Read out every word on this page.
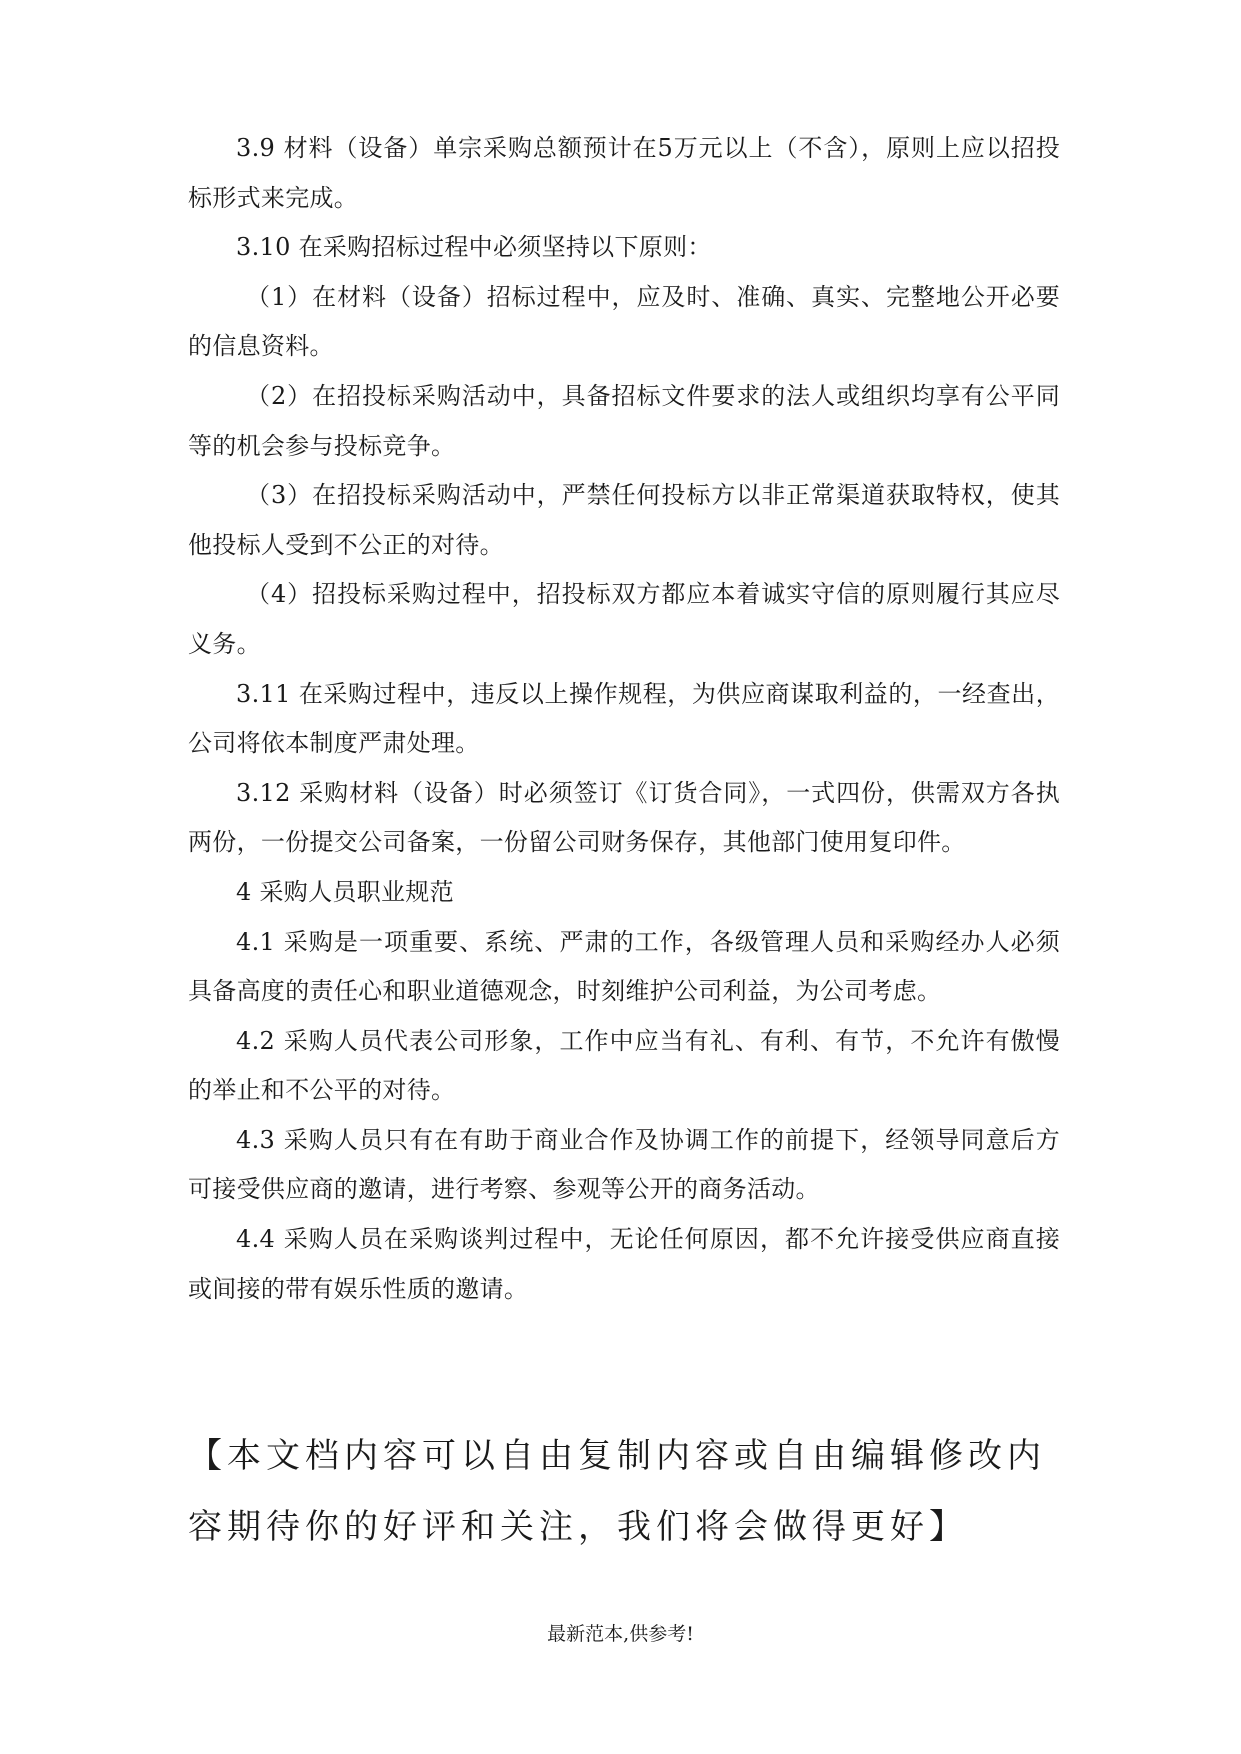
3.9 材料（设备）单宗采购总额预计在5万元以上（不含），原则上应以招投标形式来完成。

3.10 在采购招标过程中必须坚持以下原则：

（1）在材料（设备）招标过程中，应及时、准确、真实、完整地公开必要的信息资料。

（2）在招投标采购活动中，具备招标文件要求的法人或组织均享有公平同等的机会参与投标竞争。

（3）在招投标采购活动中，严禁任何投标方以非正常渠道获取特权，使其他投标人受到不公正的对待。

（4）招投标采购过程中，招投标双方都应本着诚实守信的原则履行其应尽义务。

3.11 在采购过程中，违反以上操作规程，为供应商谋取利益的，一经查出，公司将依本制度严肃处理。

3.12 采购材料（设备）时必须签订《订货合同》，一式四份，供需双方各执两份，一份提交公司备案，一份留公司财务保存，其他部门使用复印件。

4 采购人员职业规范

4.1 采购是一项重要、系统、严肃的工作，各级管理人员和采购经办人必须具备高度的责任心和职业道德观念，时刻维护公司利益，为公司考虑。

4.2 采购人员代表公司形象，工作中应当有礼、有利、有节，不允许有傲慢的举止和不公平的对待。

4.3 采购人员只有在有助于商业合作及协调工作的前提下，经领导同意后方可接受供应商的邀请，进行考察、参观等公开的商务活动。

4.4 采购人员在采购谈判过程中，无论任何原因，都不允许接受供应商直接或间接的带有娱乐性质的邀请。

【本文档内容可以自由复制内容或自由编辑修改内容期待你的好评和关注，我们将会做得更好】

最新范本,供参考!
